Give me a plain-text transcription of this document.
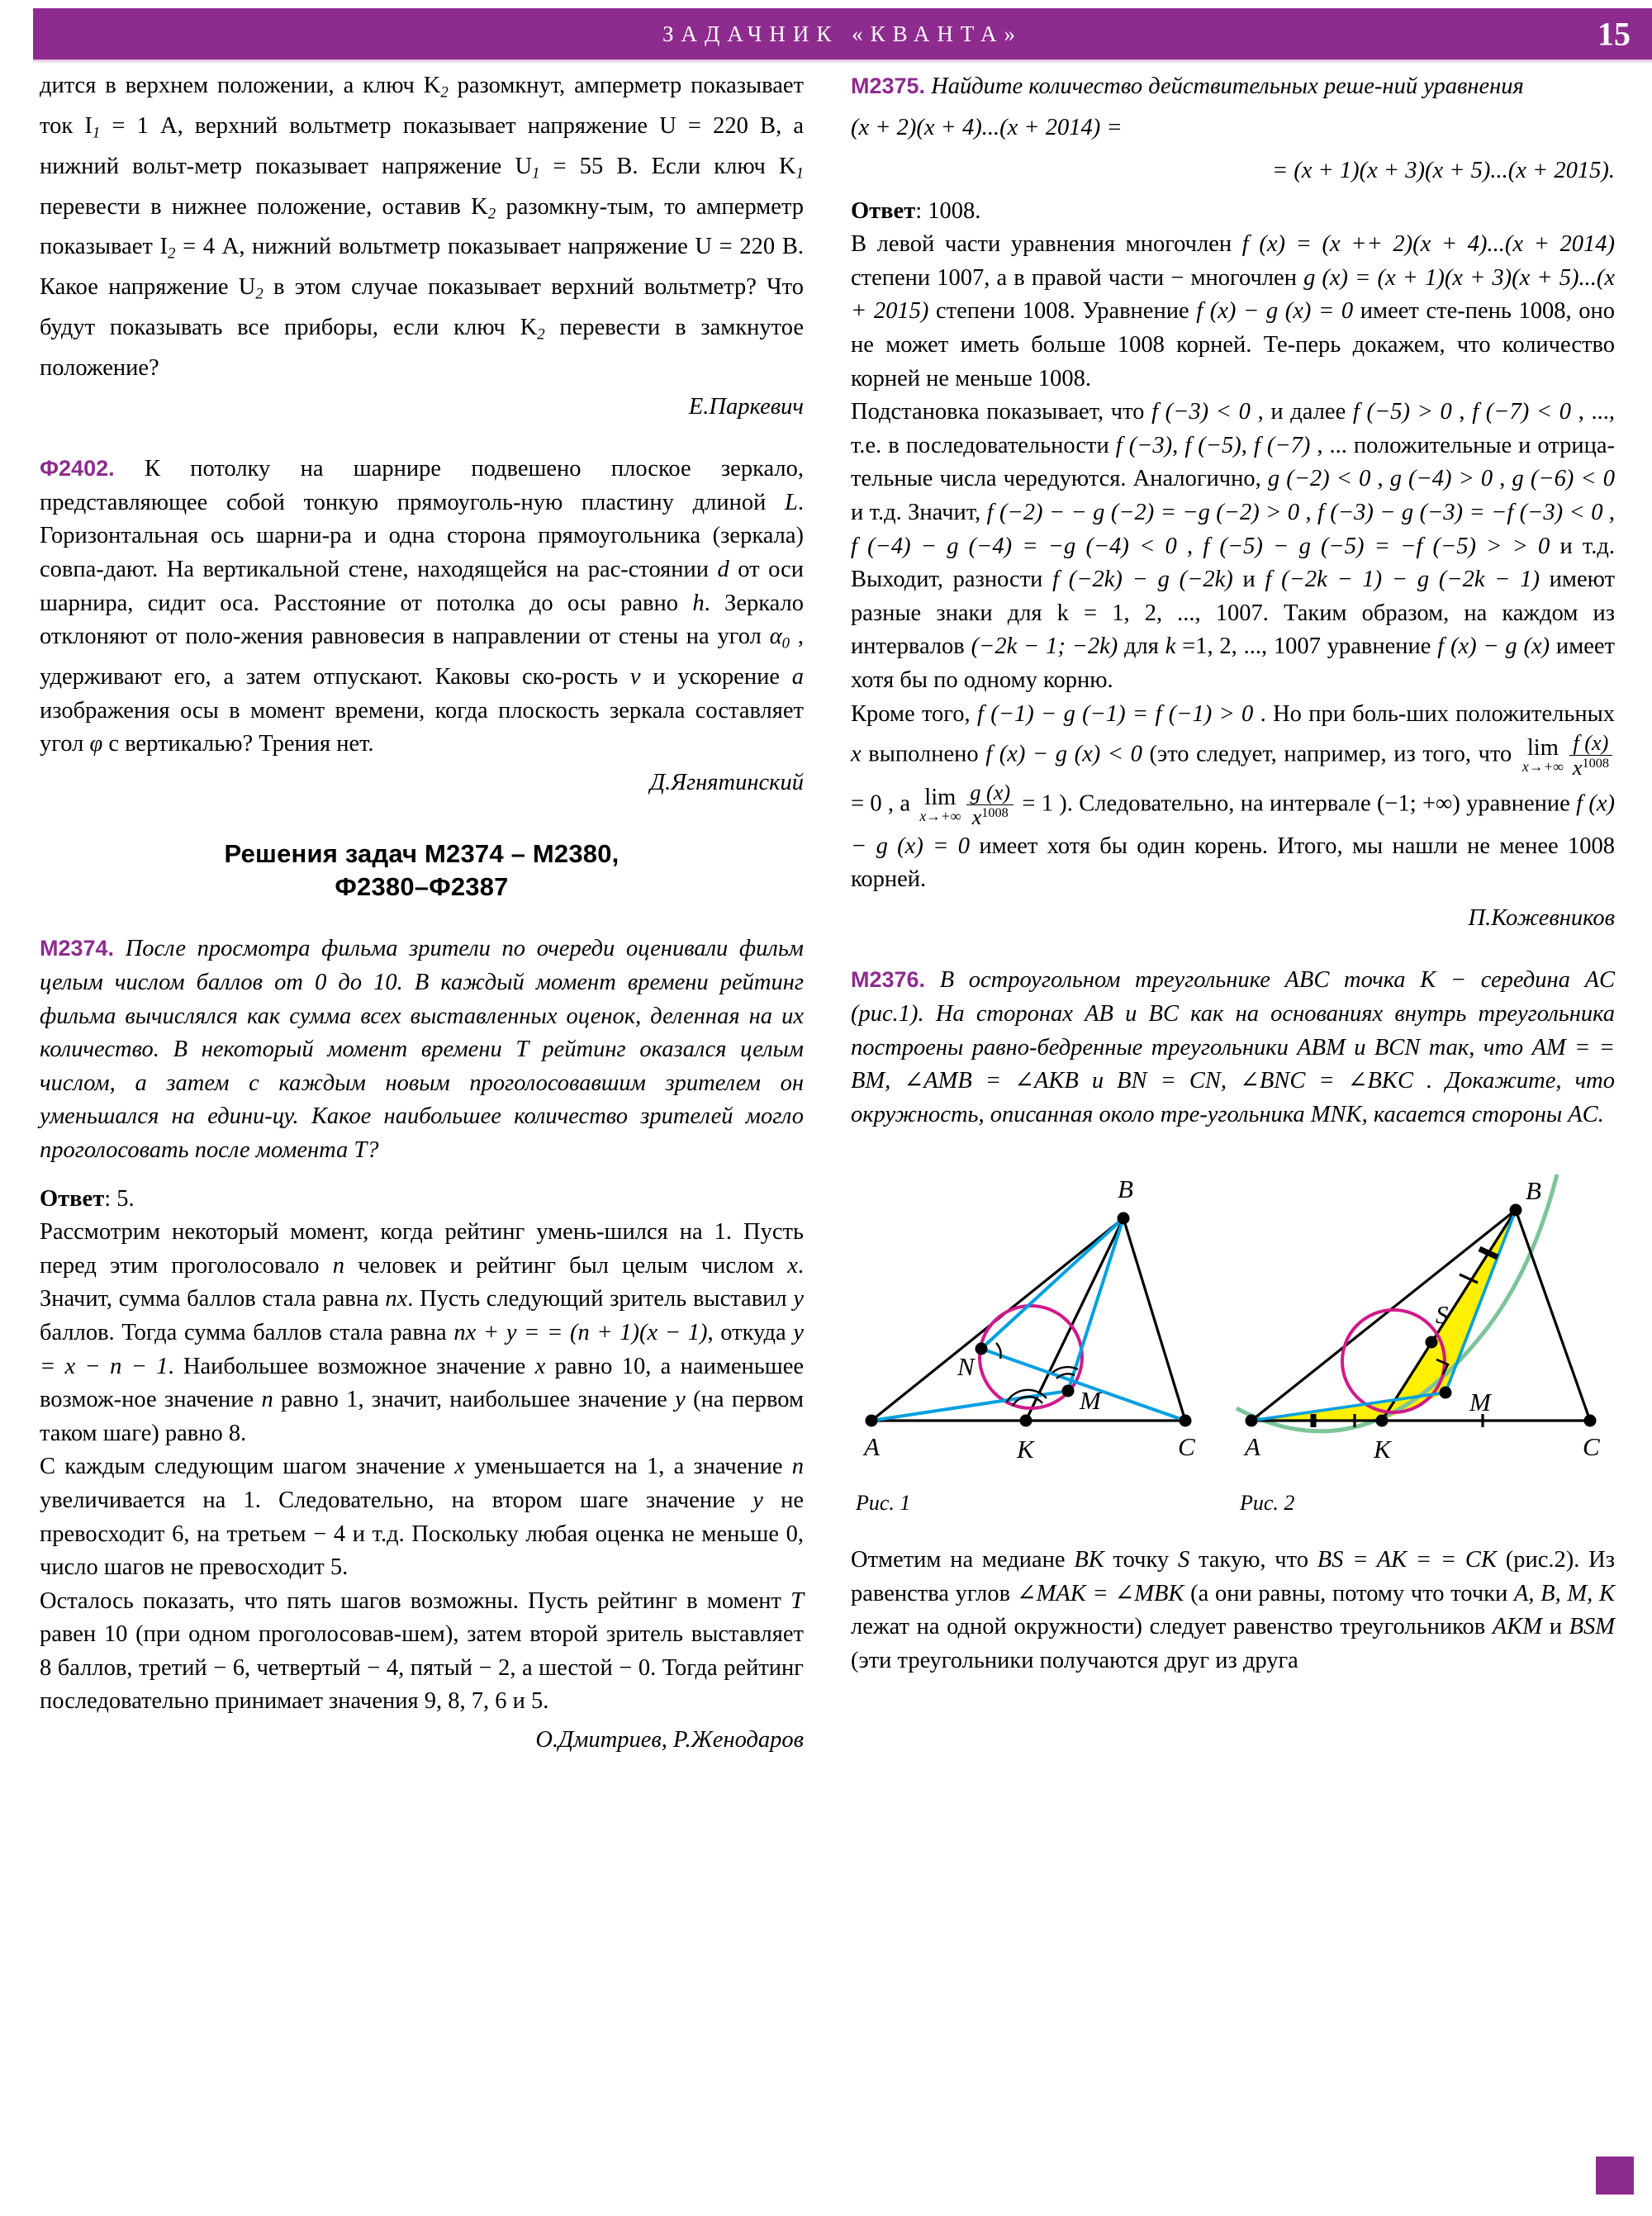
ЗАДАЧНИК «КВАНТА»	15

дится в верхнем положении, а ключ $K_2$ разомкнут, амперметр показывает ток $I_1 = 1$ А, верхний вольтметр показывает напряжение U = 220 В, а нижний вольт-метр показывает напряжение $U_1 = 55$ В. Если ключ $K_1$ перевести в нижнее положение, оставив $K_2$ разомкну-тым, то амперметр показывает $I_2 = 4$ А, нижний вольтметр показывает напряжение U = 220 В. Какое напряжение $U_2$ в этом случае показывает верхний вольтметр? Что будут показывать все приборы, если ключ $K_2$ перевести в замкнутое положение?

Е.Паркевич

Ф2402. К потолку на шарнире подвешено плоское зеркало, представляющее собой тонкую прямоуголь-ную пластину длиной L. Горизонтальная ось шарни-ра и одна сторона прямоугольника (зеркала) совпа-дают. На вертикальной стене, находящейся на рас-стоянии d от оси шарнира, сидит оса. Расстояние от потолка до осы равно h. Зеркало отклоняют от поло-жения равновесия в направлении от стены на угол $\alpha_0$ , удерживают его, а затем отпускают. Каковы ско-рость v и ускорение a изображения осы в момент времени, когда плоскость зеркала составляет угол φ с вертикалью? Трения нет.

Д.Ягнятинский

Решения задач М2374 – М2380,

Ф2380–Ф2387

М2374. После просмотра фильма зрители по очереди оценивали фильм целым числом баллов от 0 до 10. В каждый момент времени рейтинг фильма вычислялся как сумма всех выставленных оценок, деленная на их количество. В некоторый момент времени T рейтинг оказался целым числом, а затем с каждым новым проголосовавшим зрителем он уменьшался на едини-цу. Какое наибольшее количество зрителей могло проголосовать после момента T?

Ответ: 5.

Рассмотрим некоторый момент, когда рейтинг умень-шился на 1. Пусть перед этим проголосовало n человек и рейтинг был целым числом x. Значит, сумма баллов стала равна nx. Пусть следующий зритель выставил y баллов. Тогда сумма баллов стала равна nx + y = = (n + 1)(x − 1), откуда y = x − n − 1. Наибольшее возможное значение x равно 10, а наименьшее возмож-ное значение n равно 1, значит, наибольшее значение y (на первом таком шаге) равно 8.

С каждым следующим шагом значение x уменьшается на 1, а значение n увеличивается на 1. Следовательно, на втором шаге значение y не превосходит 6, на третьем − 4 и т.д. Поскольку любая оценка не меньше 0, число шагов не превосходит 5.

Осталось показать, что пять шагов возможны. Пусть рейтинг в момент T равен 10 (при одном проголосовав-шем), затем второй зритель выставляет 8 баллов, третий − 6, четвертый − 4, пятый − 2, а шестой − 0. Тогда рейтинг последовательно принимает значения 9, 8, 7, 6 и 5.

О.Дмитриев, Р.Женодаров

М2375. Найдите количество действительных реше-ний уравнения

(x + 2)(x + 4)...(x + 2014) =

= (x + 1)(x + 3)(x + 5)...(x + 2015).

Ответ: 1008.

В левой части уравнения многочлен f (x) = (x ++ 2)(x + 4)...(x + 2014) степени 1007, а в правой части − многочлен g (x) = (x + 1)(x + 3)(x + 5)...(x + 2015) степени 1008. Уравнение f (x) − g (x) = 0 имеет сте-пень 1008, оно не может иметь больше 1008 корней. Те-перь докажем, что количество корней не меньше 1008.

Подстановка показывает, что f (−3) < 0 , и далее f (−5) > 0 , f (−7) < 0 , ..., т.е. в последовательности f (−3), f (−5), f (−7) , ... положительные и отрица-тельные числа чередуются. Аналогично, g (−2) < 0 , g (−4) > 0 , g (−6) < 0 и т.д. Значит, f (−2) − − g (−2) = −g (−2) > 0 , f (−3) − g (−3) = −f (−3) < 0 , f (−4) − g (−4) = −g (−4) < 0 , f (−5) − g (−5) = −f (−5) > > 0 и т.д. Выходит, разности f (−2k) − g (−2k) и f (−2k − 1) − g (−2k − 1) имеют разные знаки для k = 1, 2, ..., 1007. Таким образом, на каждом из интервалов (−2k − 1; −2k) для k =1, 2, ..., 1007 уравнение f (x) − g (x) имеет хотя бы по одному корню.

Кроме того, f (−1) − g (−1) = f (−1) > 0 . Но при боль-ших положительных x выполнено f (x) − g (x) < 0 (это следует, например, из того, что lim
$x\to+\infty \frac{f (x)}{x^{1008}}$
= 0 , а lim
$x\to+\infty \frac{g (x)}{x^{1008}} = 1$ ). Следовательно, на интервале (−1; +∞) уравнение f (x) − g (x) = 0 имеет хотя бы один корень. Итого, мы нашли не менее 1008 корней.

П.Кожевников

М2376. В остроугольном треугольнике ABC точка K − середина AC (рис.1). На сторонах AB и BC как на основаниях внутрь треугольника построены равно-бедренные треугольники ABM и BCN так, что AM = = BM, ∠AMB = ∠AKB и BN = CN, ∠BNC = ∠BKC . Докажите, что окружность, описанная около тре-угольника MNK, касается стороны AC.

B
N
M
A	K	C
Рис. 1
B
S
M
A	K	C
Рис. 2

Отметим на медиане BK точку S такую, что BS = AK = = CK (рис.2). Из равенства углов ∠MAK = ∠MBK (а они равны, потому что точки A, B, M, K лежат на одной окружности) следует равенство треугольников AKM и BSM (эти треугольники получаются друг из друга
